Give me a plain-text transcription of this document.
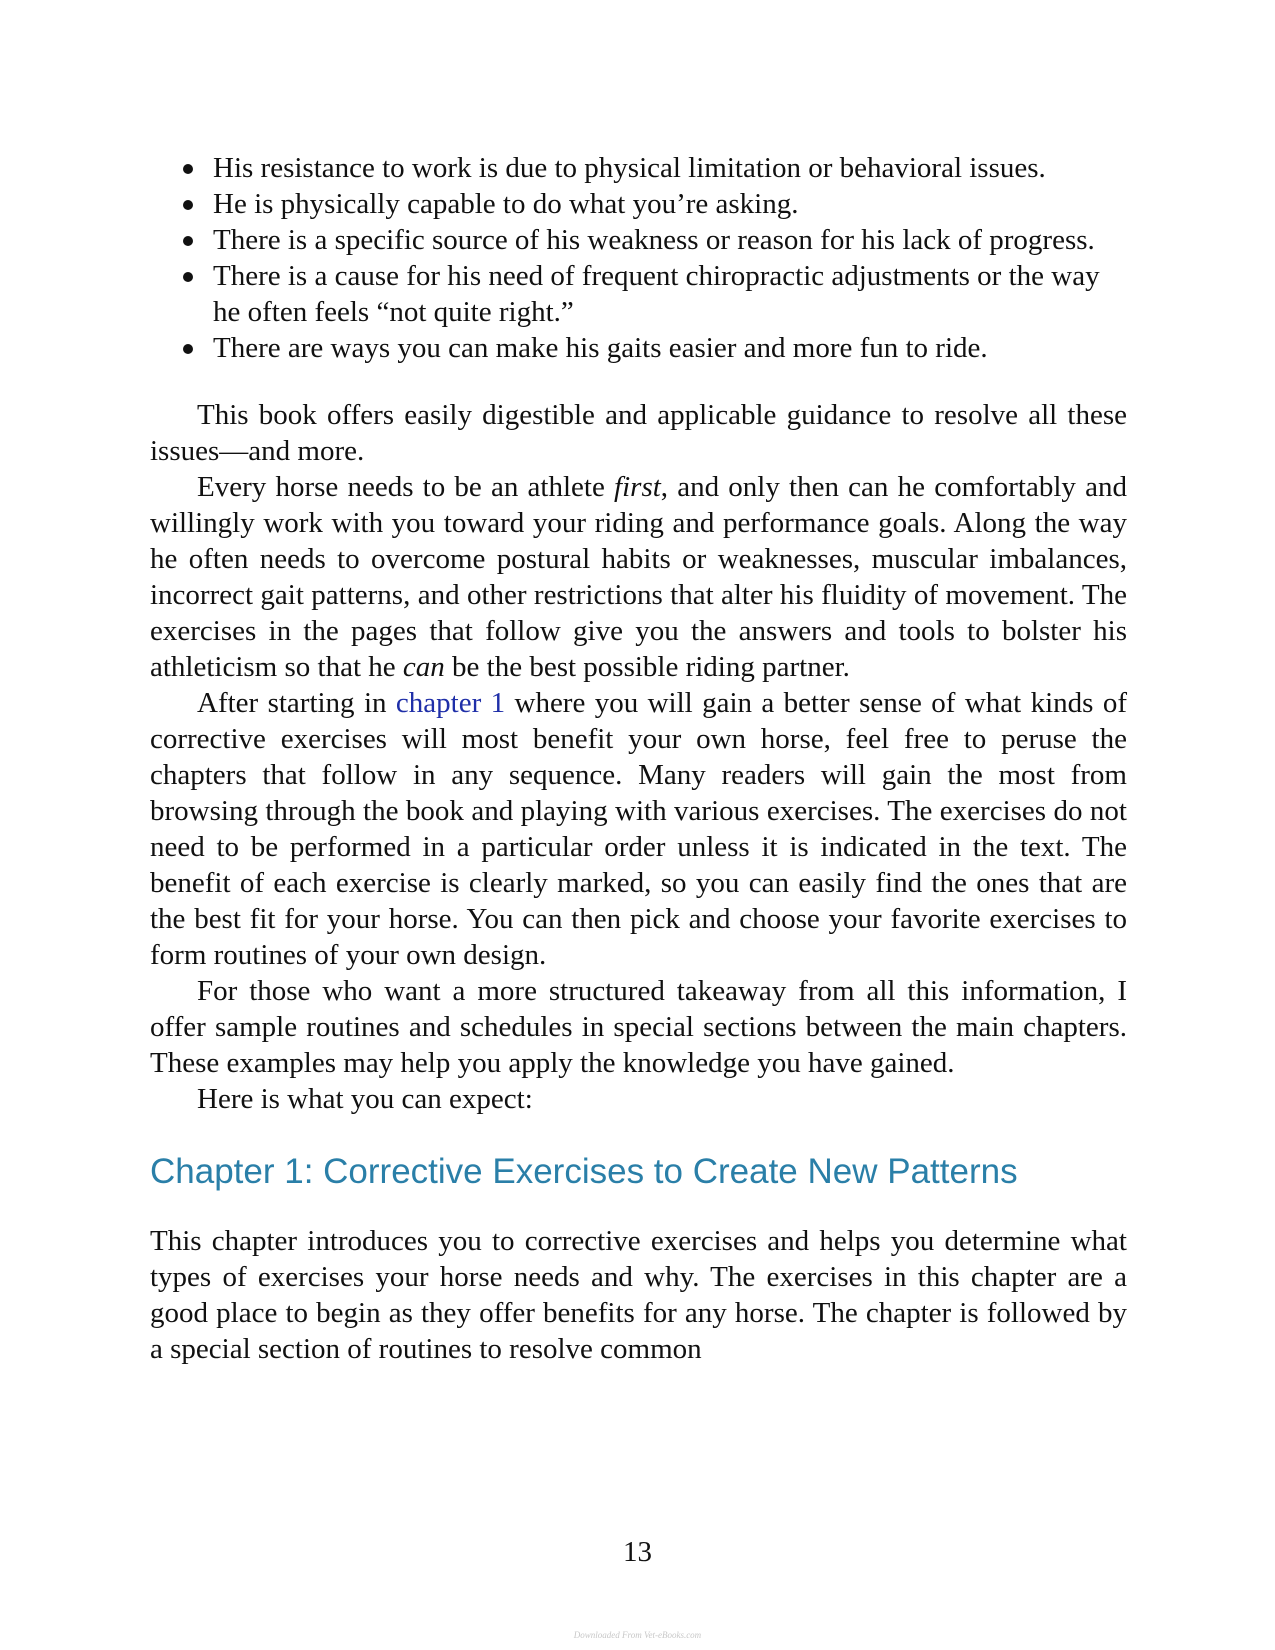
His resistance to work is due to physical limitation or behavioral issues.
He is physically capable to do what you’re asking.
There is a specific source of his weakness or reason for his lack of progress.
There is a cause for his need of frequent chiropractic adjustments or the way he often feels “not quite right.”
There are ways you can make his gaits easier and more fun to ride.

This book offers easily digestible and applicable guidance to resolve all these issues—and more.

Every horse needs to be an athlete first, and only then can he comfortably and willingly work with you toward your riding and performance goals. Along the way he often needs to overcome postural habits or weaknesses, muscular imbalances, incorrect gait patterns, and other restrictions that alter his fluidity of movement. The exercises in the pages that follow give you the answers and tools to bolster his athleticism so that he can be the best possible riding partner.

After starting in chapter 1 where you will gain a better sense of what kinds of corrective exercises will most benefit your own horse, feel free to peruse the chapters that follow in any sequence. Many readers will gain the most from browsing through the book and playing with various exercises. The exercises do not need to be performed in a particular order unless it is indicated in the text. The benefit of each exercise is clearly marked, so you can easily find the ones that are the best fit for your horse. You can then pick and choose your favorite exercises to form routines of your own design.

For those who want a more structured takeaway from all this information, I offer sample routines and schedules in special sections between the main chapters. These examples may help you apply the knowledge you have gained.

Here is what you can expect:

Chapter 1: Corrective Exercises to Create New Patterns

This chapter introduces you to corrective exercises and helps you determine what types of exercises your horse needs and why. The exercises in this chapter are a good place to begin as they offer benefits for any horse. The chapter is followed by a special section of routines to resolve common

13
Downloaded From Vet-eBooks.com
